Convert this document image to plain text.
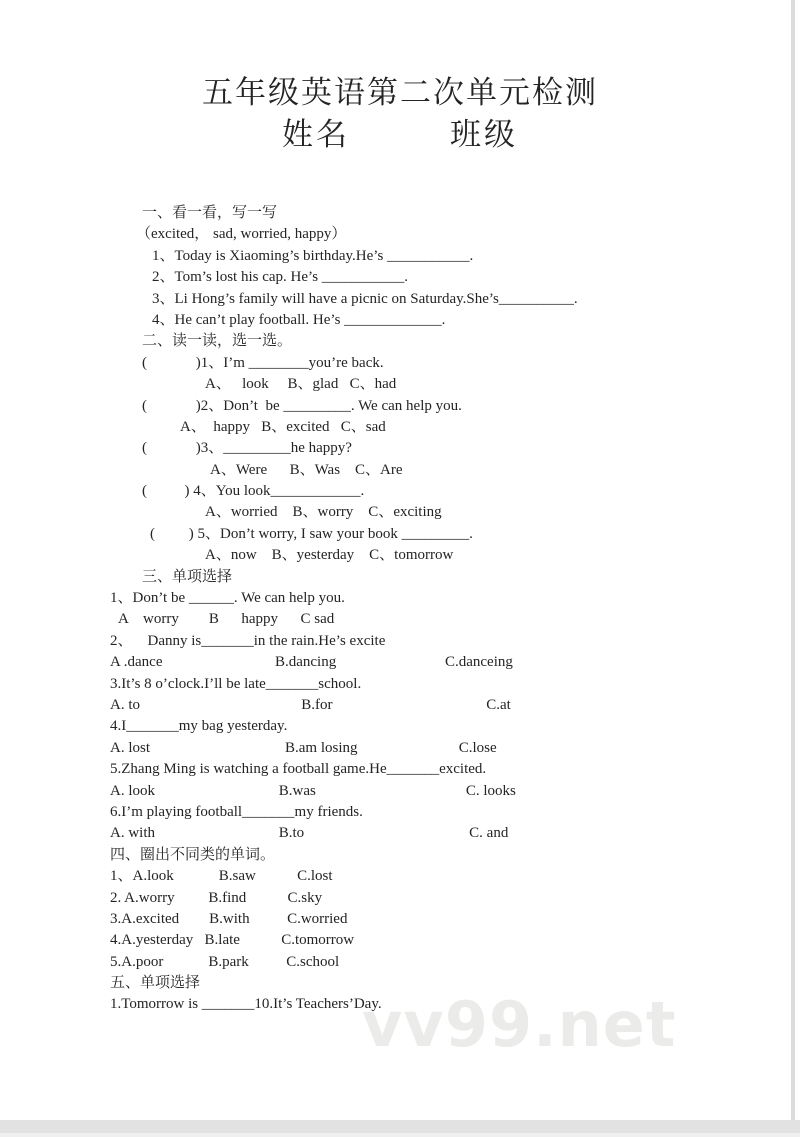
五年级英语第二次单元检测
姓名	班级
一、看一看，写一写
（excited， sad, worried, happy）
1、Today is Xiaoming’s birthday.He’s ___________.
2、Tom’s lost his cap. He’s ___________.
3、Li Hong’s family will have a picnic on Saturday.She’s__________.
4、He can’t play football. He’s _____________.
二、读一读，选一选。
(             )1、I’m ________you’re back.
A、   look     B、glad   C、had
(             )2、Don’t  be _________. We can help you.
A、  happy   B、excited   C、sad
(             )3、_________he happy?
A、Were      B、Was    C、Are
(          ) 4、You look____________.
A、worried    B、worry    C、exciting
(         ) 5、Don’t worry, I saw your book _________.
A、now    B、yesterday    C、tomorrow
三、单项选择
1、Don’t be ______. We can help you.
A    worry        B      happy      C sad
2、    Danny is_______in the rain.He’s excite
A .dance                              B.dancing                             C.danceing
3.It’s 8 o’clock.I’ll be late_______school.
A. to                                           B.for                                         C.at
4.I_______my bag yesterday.
A. lost                                    B.am losing                           C.lose
5.Zhang Ming is watching a football game.He_______excited.
A. look                                 B.was                                        C. looks
6.I’m playing football_______my friends.
A. with                                 B.to                                            C. and
四、圈出不同类的单词。
1、A.look            B.saw           C.lost
2. A.worry         B.find           C.sky
3.A.excited        B.with          C.worried
4.A.yesterday   B.late           C.tomorrow
5.A.poor            B.park          C.school
五、单项选择
1.Tomorrow is _______10.It’s Teachers’Day.
vv99.net
